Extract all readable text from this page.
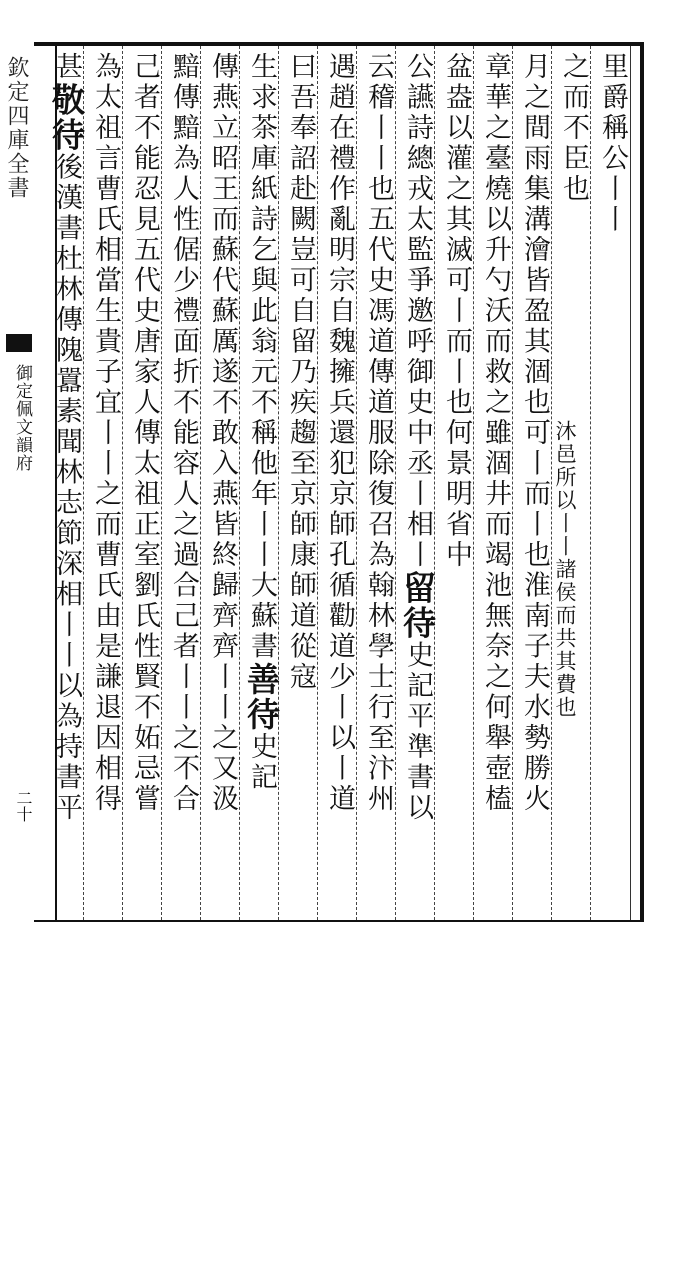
欽定四庫全書
御定佩文韻府
二十
里爵稱公丨丨
之而不臣也
月之間雨集溝澮皆盈其涸也可丨而丨也淮南子夫水勢勝火
章華之臺燒以升勺沃而救之雖涸井而竭池無奈之何舉壺榼
盆盎以灌之其滅可丨而丨也何景明省中
公讌詩總戎太監爭邀呼御史中丞丨相丨留待史記平準書以
云稽丨丨也五代史馮道傳道服除復召為翰林學士行至汴州
遇趙在禮作亂明宗自魏擁兵還犯京師孔循勸道少丨以丨道
曰吾奉詔赴闕豈可自留乃疾趨至京師康師道從寇
生求茶庫紙詩乞與此翁元不稱他年丨丨大蘇書善待史記
傳燕立昭王而蘇代蘇厲遂不敢入燕皆終歸齊齊丨丨之又汲
黯傳黯為人性倨少禮面折不能容人之過合己者丨丨之不合
己者不能忍見五代史唐家人傳太祖正室劉氏性賢不妬忌嘗
為太祖言曹氏相當生貴子宜丨丨之而曹氏由是謙退因相得
甚敬待後漢書杜林傳隗囂素聞林志節深相丨丨以為持書平	沐邑所以丨丨諸侯而共其費也
